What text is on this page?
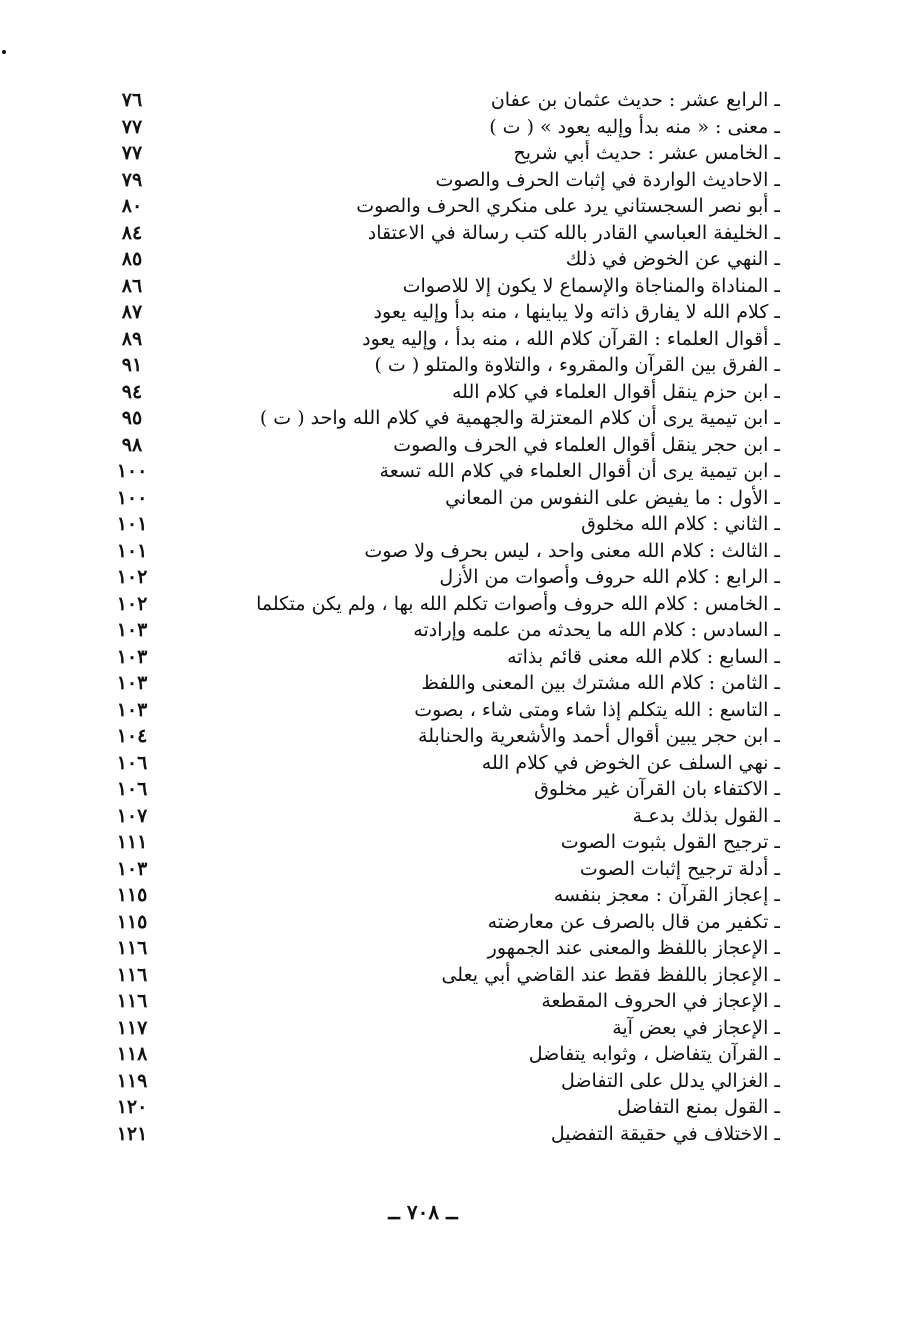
٧٦	ـ الرابع عشر : حديث عثمان بن عفان
٧٧	ـ معنى : « منه بدأ وإليه يعود » ( ت )
٧٧	ـ الخامس عشر : حديث أبي شريح
٧٩	ـ الاحاديث الواردة في إثبات الحرف والصوت
٨٠	ـ أبو نصر السجستاني يرد على منكري الحرف والصوت
٨٤	ـ الخليفة العباسي القادر بالله كتب رسالة في الاعتقاد
٨٥	ـ النهي عن الخوض في ذلك
٨٦	ـ المناداة والمناجاة والإسماع لا يكون إلا للاصوات
٨٧	ـ كلام الله لا يفارق ذاته ولا يباينها ، منه بدأ وإليه يعود
٨٩	ـ أقوال العلماء : القرآن كلام الله ، منه بدأ ، وإليه يعود
٩١	ـ الفرق بين القرآن والمقروء ، والتلاوة والمتلو ( ت )
٩٤	ـ ابن حزم ينقل أقوال العلماء في كلام الله
٩٥	ـ ابن تيمية يرى أن كلام المعتزلة والجهمية في كلام الله واحد ( ت )
٩٨	ـ ابن حجر ينقل أقوال العلماء في الحرف والصوت
١٠٠	ـ ابن تيمية يرى أن أقوال العلماء في كلام الله تسعة
١٠٠	ـ الأول : ما يفيض على النفوس من المعاني
١٠١	ـ الثاني : كلام الله مخلوق
١٠١	ـ الثالث : كلام الله معنى واحد ، ليس بحرف ولا صوت
١٠٢	ـ الرابع : كلام الله حروف وأصوات من الأزل
١٠٢	ـ الخامس : كلام الله حروف وأصوات تكلم الله بها ، ولم يكن متكلما
١٠٣	ـ السادس : كلام الله ما يحدثه من علمه وإرادته
١٠٣	ـ السابع : كلام الله معنى قائم بذاته
١٠٣	ـ الثامن : كلام الله مشترك بين المعنى واللفظ
١٠٣	ـ التاسع : الله يتكلم إذا شاء ومتى شاء ، بصوت
١٠٤	ـ ابن حجر يبين أقوال أحمد والأشعرية والحنابلة
١٠٦	ـ نهي السلف عن الخوض في كلام الله
١٠٦	ـ الاكتفاء بان القرآن غير مخلوق
١٠٧	ـ القول بذلك بدعـة
١١١	ـ ترجيح القول بثبوت الصوت
١٠٣	ـ أدلة ترجيح إثبات الصوت
١١٥	ـ إعجاز القرآن : معجز بنفسه
١١٥	ـ تكفير من قال بالصرف عن معارضته
١١٦	ـ الإعجاز باللفظ والمعنى عند الجمهور
١١٦	ـ الإعجاز باللفظ فقط عند القاضي أبي يعلى
١١٦	ـ الإعجاز في الحروف المقطعة
١١٧	ـ الإعجاز في بعض آية
١١٨	ـ القرآن يتفاضل ، وثوابه يتفاضل
١١٩	ـ الغزالي يدلل على التفاضل
١٢٠	ـ القول بمنع التفاضل
١٢١	ـ الاختلاف في حقيقة التفضيل
ــ ٧٠٨ ــ
